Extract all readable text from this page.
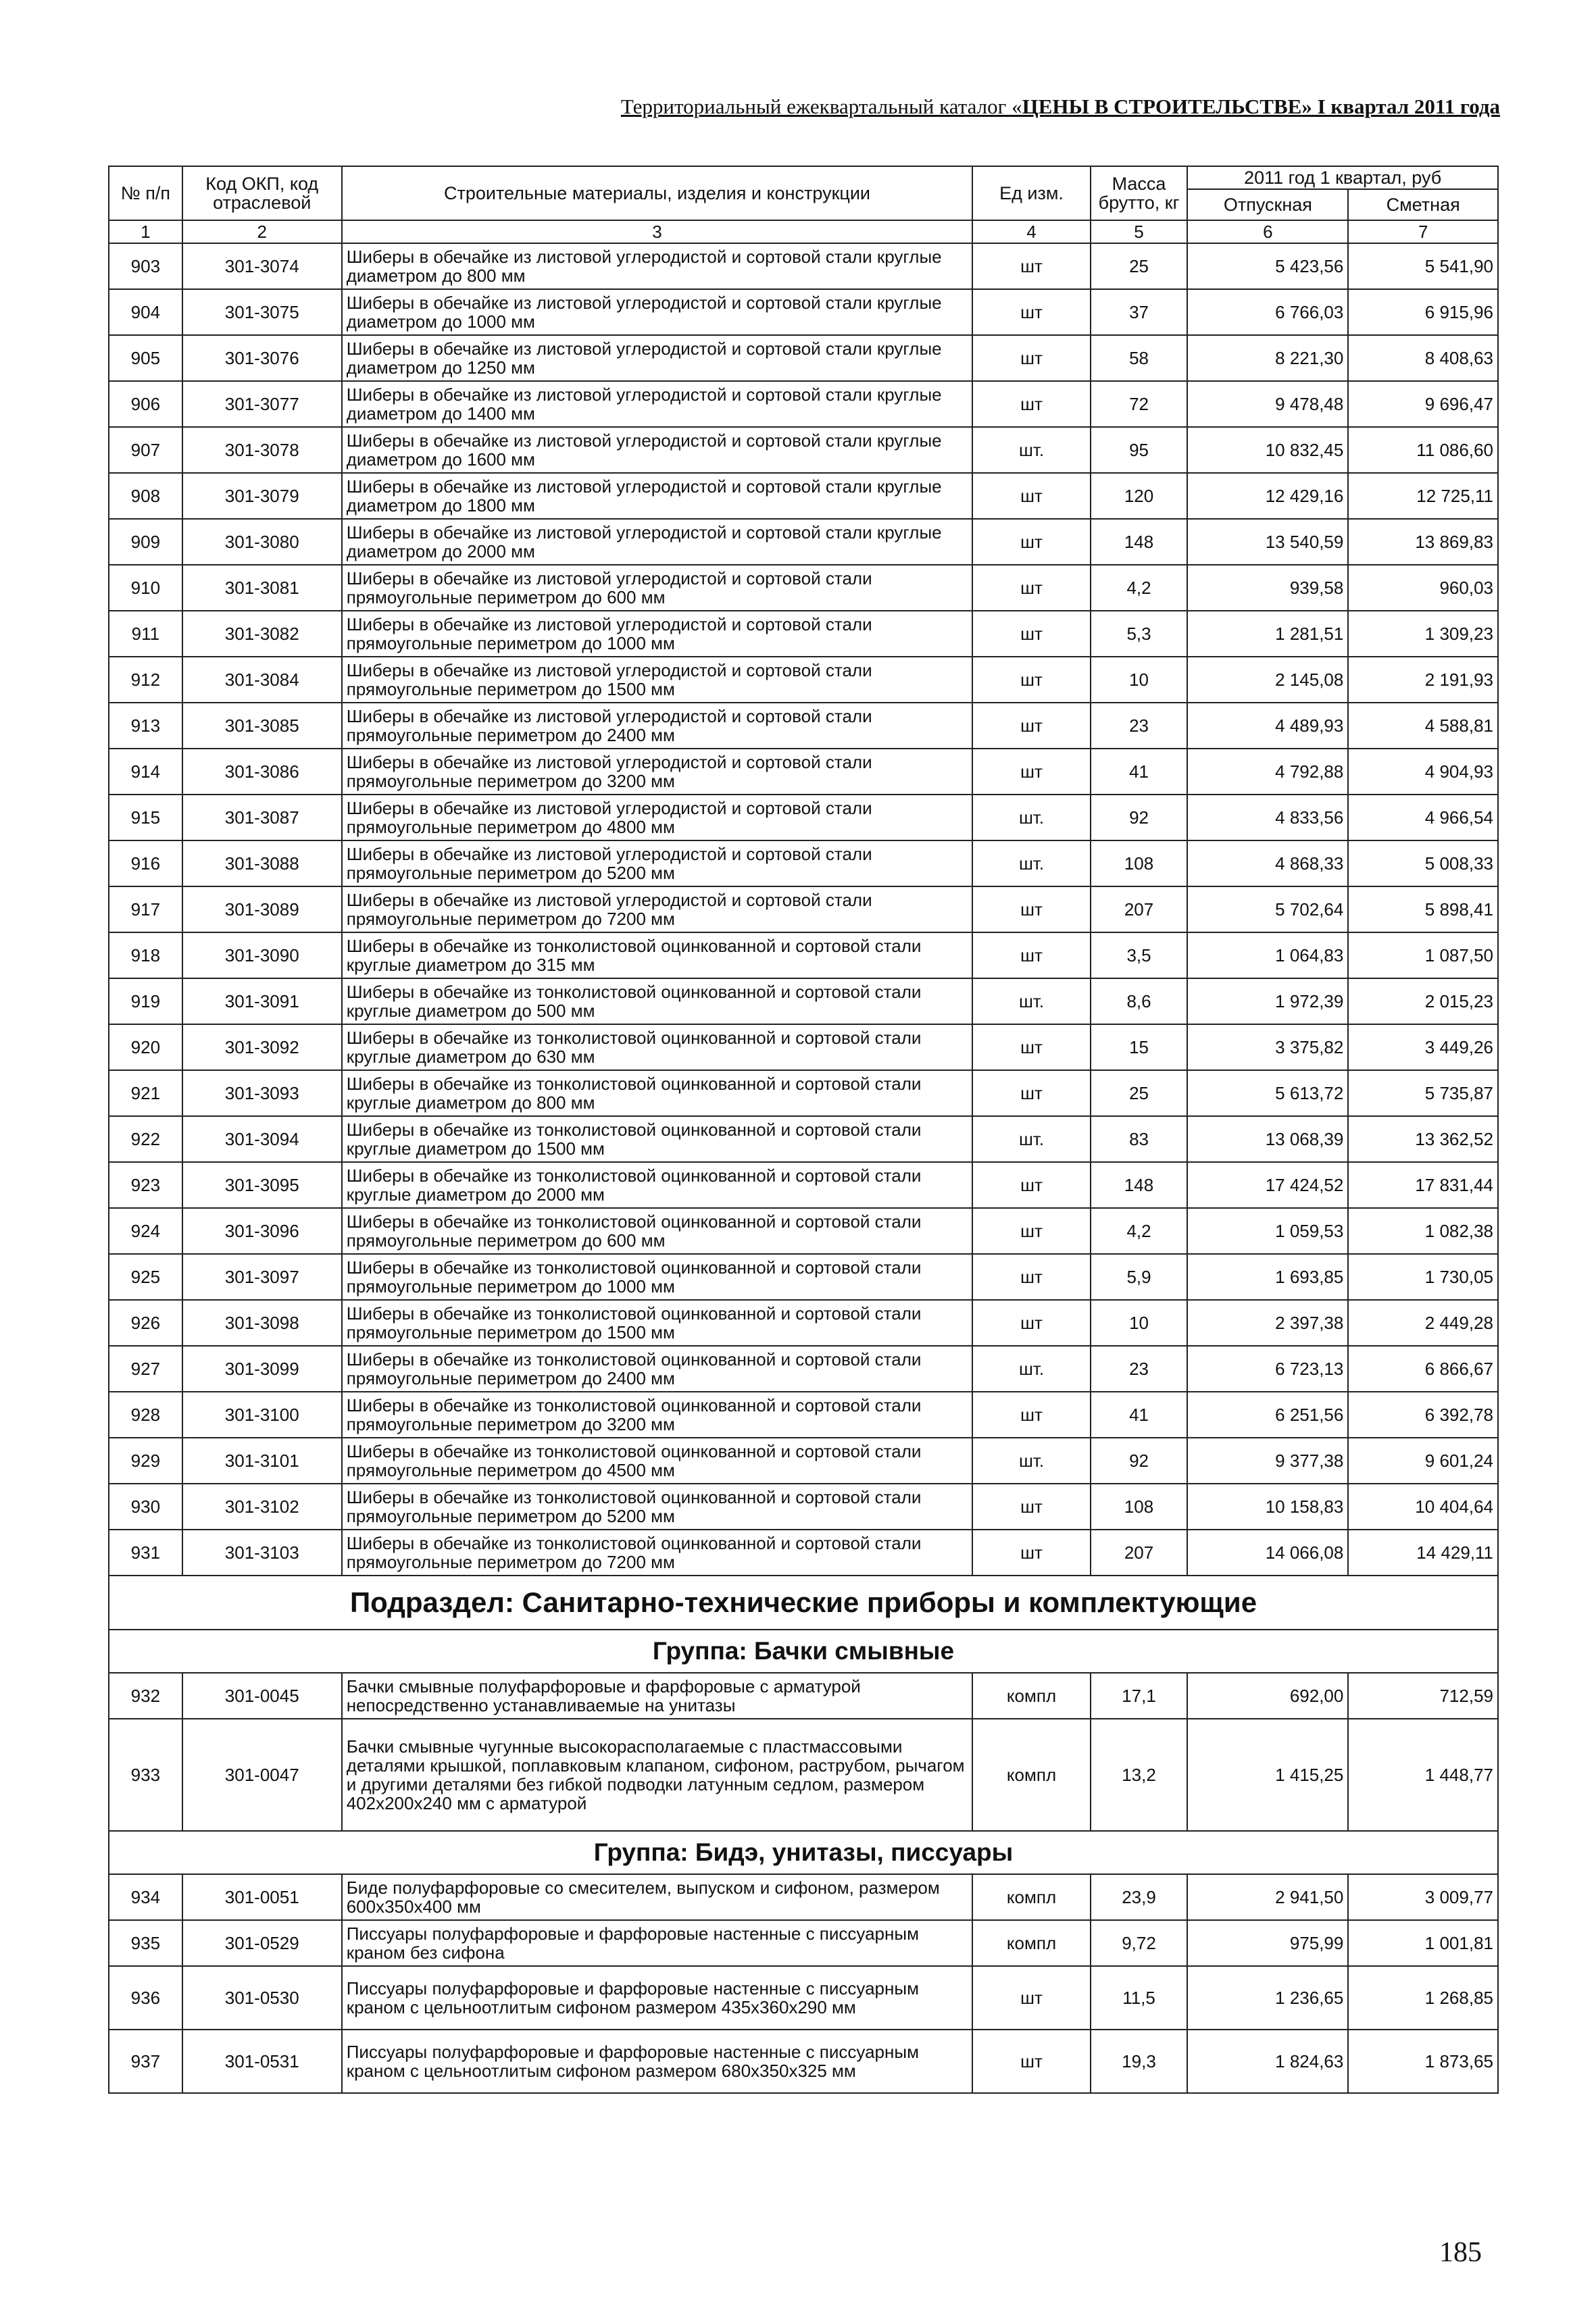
Территориальный ежеквартальный каталог «ЦЕНЫ В СТРОИТЕЛЬСТВЕ» I квартал 2011 года
№ п/п	Код ОКП, код отраслевой	Строительные материалы, изделия и конструкции	Ед изм.	Масса брутто, кг	2011 год 1 квартал, руб	
					Отпускная	Сметная
1	2	3	4	5	6	7
903	301-3074	Шиберы в обечайке из листовой углеродистой и сортовой стали круглые диаметром до 800 мм	шт	25	5 423,56	5 541,90
904	301-3075	Шиберы в обечайке из листовой углеродистой и сортовой стали круглые диаметром до 1000 мм	шт	37	6 766,03	6 915,96
905	301-3076	Шиберы в обечайке из листовой углеродистой и сортовой стали круглые диаметром до 1250 мм	шт	58	8 221,30	8 408,63
906	301-3077	Шиберы в обечайке из листовой углеродистой и сортовой стали круглые диаметром до 1400 мм	шт	72	9 478,48	9 696,47
907	301-3078	Шиберы в обечайке из листовой углеродистой и сортовой стали круглые диаметром до 1600 мм	шт.	95	10 832,45	11 086,60
908	301-3079	Шиберы в обечайке из листовой углеродистой и сортовой стали круглые диаметром до 1800 мм	шт	120	12 429,16	12 725,11
909	301-3080	Шиберы в обечайке из листовой углеродистой и сортовой стали круглые диаметром до 2000 мм	шт	148	13 540,59	13 869,83
910	301-3081	Шиберы в обечайке из листовой углеродистой и сортовой стали прямоугольные периметром до 600 мм	шт	4,2	939,58	960,03
911	301-3082	Шиберы в обечайке из листовой углеродистой и сортовой стали прямоугольные периметром до 1000 мм	шт	5,3	1 281,51	1 309,23
912	301-3084	Шиберы в обечайке из листовой углеродистой и сортовой стали прямоугольные периметром до 1500 мм	шт	10	2 145,08	2 191,93
913	301-3085	Шиберы в обечайке из листовой углеродистой и сортовой стали прямоугольные периметром до 2400 мм	шт	23	4 489,93	4 588,81
914	301-3086	Шиберы в обечайке из листовой углеродистой и сортовой стали прямоугольные периметром до 3200 мм	шт	41	4 792,88	4 904,93
915	301-3087	Шиберы в обечайке из листовой углеродистой и сортовой стали прямоугольные периметром до 4800 мм	шт.	92	4 833,56	4 966,54
916	301-3088	Шиберы в обечайке из листовой углеродистой и сортовой стали прямоугольные периметром до 5200 мм	шт.	108	4 868,33	5 008,33
917	301-3089	Шиберы в обечайке из листовой углеродистой и сортовой стали прямоугольные периметром до 7200 мм	шт	207	5 702,64	5 898,41
918	301-3090	Шиберы в обечайке из тонколистовой оцинкованной и сортовой стали круглые диаметром до 315 мм	шт	3,5	1 064,83	1 087,50
919	301-3091	Шиберы в обечайке из тонколистовой оцинкованной и сортовой стали круглые диаметром до 500 мм	шт.	8,6	1 972,39	2 015,23
920	301-3092	Шиберы в обечайке из тонколистовой оцинкованной и сортовой стали круглые диаметром до 630 мм	шт	15	3 375,82	3 449,26
921	301-3093	Шиберы в обечайке из тонколистовой оцинкованной и сортовой стали круглые диаметром до 800 мм	шт	25	5 613,72	5 735,87
922	301-3094	Шиберы в обечайке из тонколистовой оцинкованной и сортовой стали круглые диаметром до 1500 мм	шт.	83	13 068,39	13 362,52
923	301-3095	Шиберы в обечайке из тонколистовой оцинкованной и сортовой стали круглые диаметром до 2000 мм	шт	148	17 424,52	17 831,44
924	301-3096	Шиберы в обечайке из тонколистовой оцинкованной и сортовой стали прямоугольные периметром до 600 мм	шт	4,2	1 059,53	1 082,38
925	301-3097	Шиберы в обечайке из тонколистовой оцинкованной и сортовой стали прямоугольные периметром до 1000 мм	шт	5,9	1 693,85	1 730,05
926	301-3098	Шиберы в обечайке из тонколистовой оцинкованной и сортовой стали прямоугольные периметром до 1500 мм	шт	10	2 397,38	2 449,28
927	301-3099	Шиберы в обечайке из тонколистовой оцинкованной и сортовой стали прямоугольные периметром до 2400 мм	шт.	23	6 723,13	6 866,67
928	301-3100	Шиберы в обечайке из тонколистовой оцинкованной и сортовой стали прямоугольные периметром до 3200 мм	шт	41	6 251,56	6 392,78
929	301-3101	Шиберы в обечайке из тонколистовой оцинкованной и сортовой стали прямоугольные периметром до 4500 мм	шт.	92	9 377,38	9 601,24
930	301-3102	Шиберы в обечайке из тонколистовой оцинкованной и сортовой стали прямоугольные периметром до 5200 мм	шт	108	10 158,83	10 404,64
931	301-3103	Шиберы в обечайке из тонколистовой оцинкованной и сортовой стали прямоугольные периметром до 7200 мм	шт	207	14 066,08	14 429,11
Подраздел: Санитарно-технические приборы и комплектующие						
Группа: Бачки смывные						
932	301-0045	Бачки смывные полуфарфоровые и фарфоровые с арматурой непосредственно устанавливаемые на унитазы	компл	17,1	692,00	712,59
933	301-0047	Бачки смывные чугунные высокорасполагаемые с пластмассовыми деталями крышкой, поплавковым клапаном, сифоном, раструбом, рычагом и другими деталями без гибкой подводки латунным седлом, размером 402x200x240 мм с арматурой	компл	13,2	1 415,25	1 448,77
Группа: Бидэ, унитазы, писсуары						
934	301-0051	Биде полуфарфоровые со смесителем, выпуском и сифоном, размером 600x350x400 мм	компл	23,9	2 941,50	3 009,77
935	301-0529	Писсуары полуфарфоровые и фарфоровые настенные с писсуарным краном без сифона	компл	9,72	975,99	1 001,81
936	301-0530	Писсуары полуфарфоровые и фарфоровые настенные с писсуарным краном с цельноотлитым сифоном размером 435x360x290 мм	шт	11,5	1 236,65	1 268,85
937	301-0531	Писсуары полуфарфоровые и фарфоровые настенные с писсуарным краном с цельноотлитым сифоном размером 680x350x325 мм	шт	19,3	1 824,63	1 873,65
185
